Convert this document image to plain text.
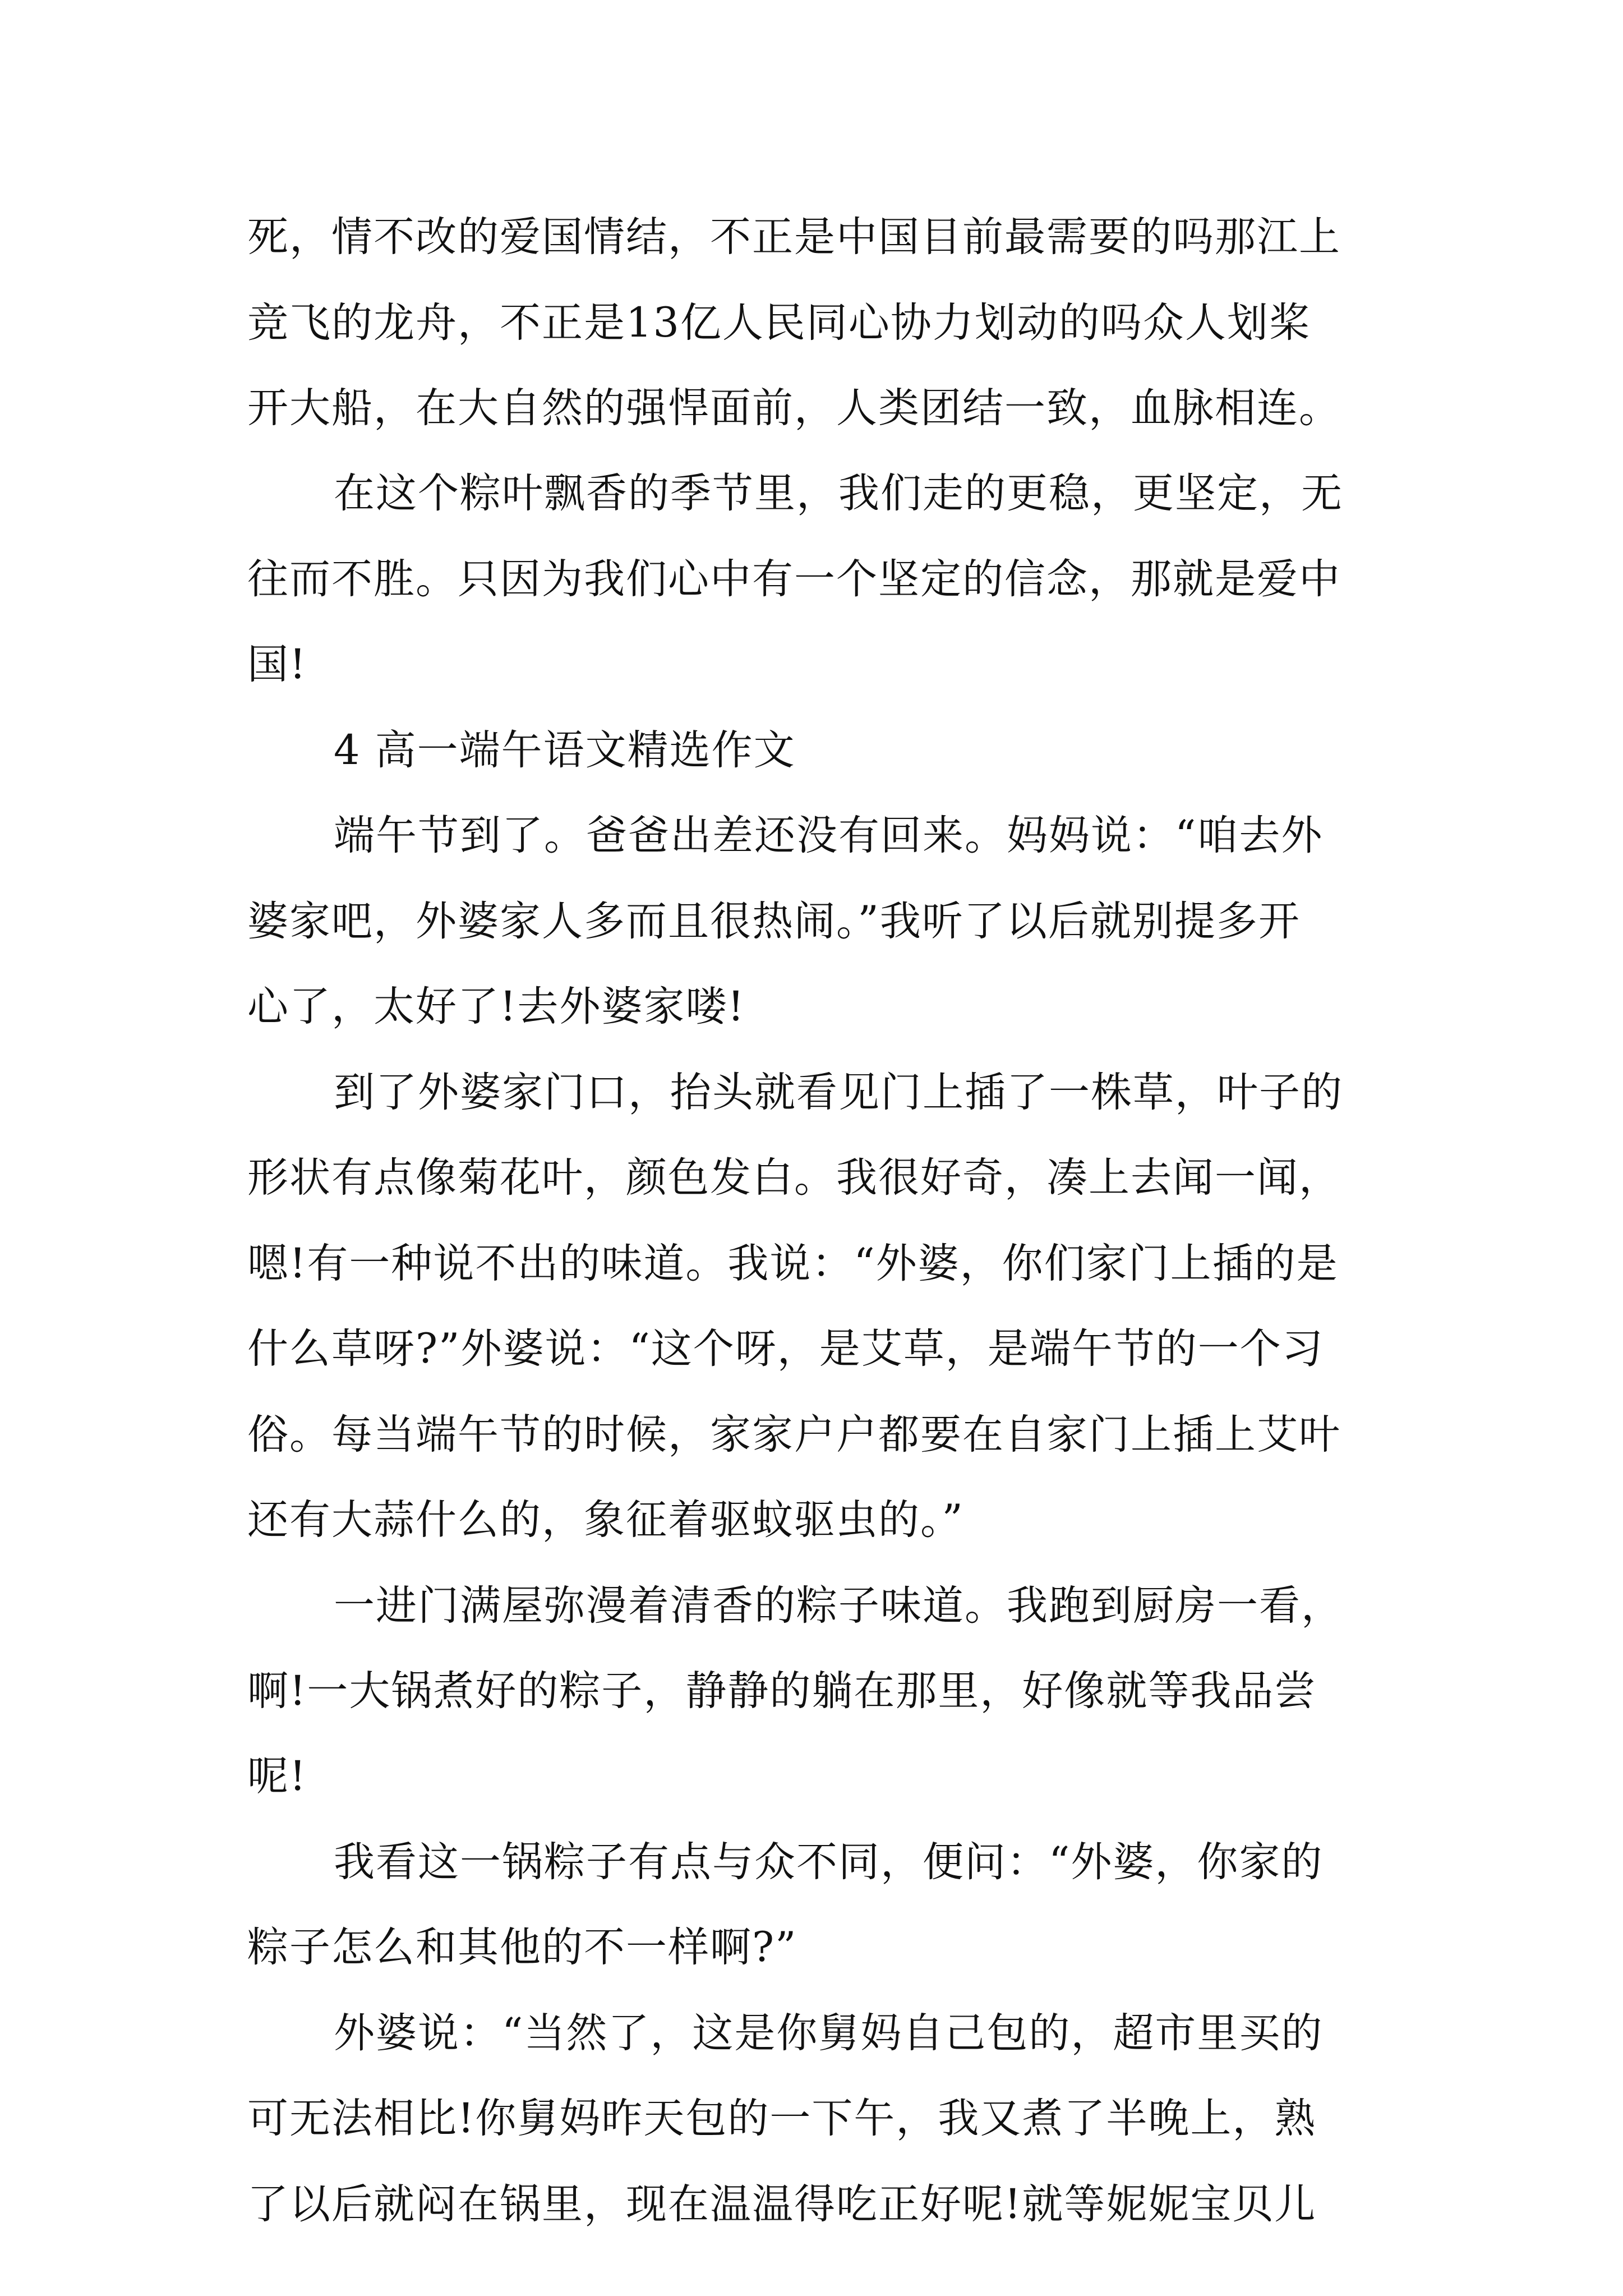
死，情不改的爱国情结，不正是中国目前最需要的吗那江上
竞飞的龙舟，不正是13亿人民同心协力划动的吗众人划桨
开大船，在大自然的强悍面前，人类团结一致，血脉相连。
在这个粽叶飘香的季节里，我们走的更稳，更坚定，无
往而不胜。只因为我们心中有一个坚定的信念，那就是爱中
国!
4 高一端午语文精选作文
端午节到了。爸爸出差还没有回来。妈妈说：“咱去外
婆家吧，外婆家人多而且很热闹。”我听了以后就别提多开
心了，太好了!去外婆家喽!
到了外婆家门口，抬头就看见门上插了一株草，叶子的
形状有点像菊花叶，颜色发白。我很好奇，凑上去闻一闻，
嗯!有一种说不出的味道。我说：“外婆，你们家门上插的是
什么草呀?”外婆说：“这个呀，是艾草，是端午节的一个习
俗。每当端午节的时候，家家户户都要在自家门上插上艾叶
还有大蒜什么的，象征着驱蚊驱虫的。”
一进门满屋弥漫着清香的粽子味道。我跑到厨房一看，
啊!一大锅煮好的粽子，静静的躺在那里，好像就等我品尝
呢!
我看这一锅粽子有点与众不同，便问：“外婆，你家的
粽子怎么和其他的不一样啊?”
外婆说：“当然了，这是你舅妈自己包的，超市里买的
可无法相比!你舅妈昨天包的一下午，我又煮了半晚上，熟
了以后就闷在锅里，现在温温得吃正好呢!就等妮妮宝贝儿
